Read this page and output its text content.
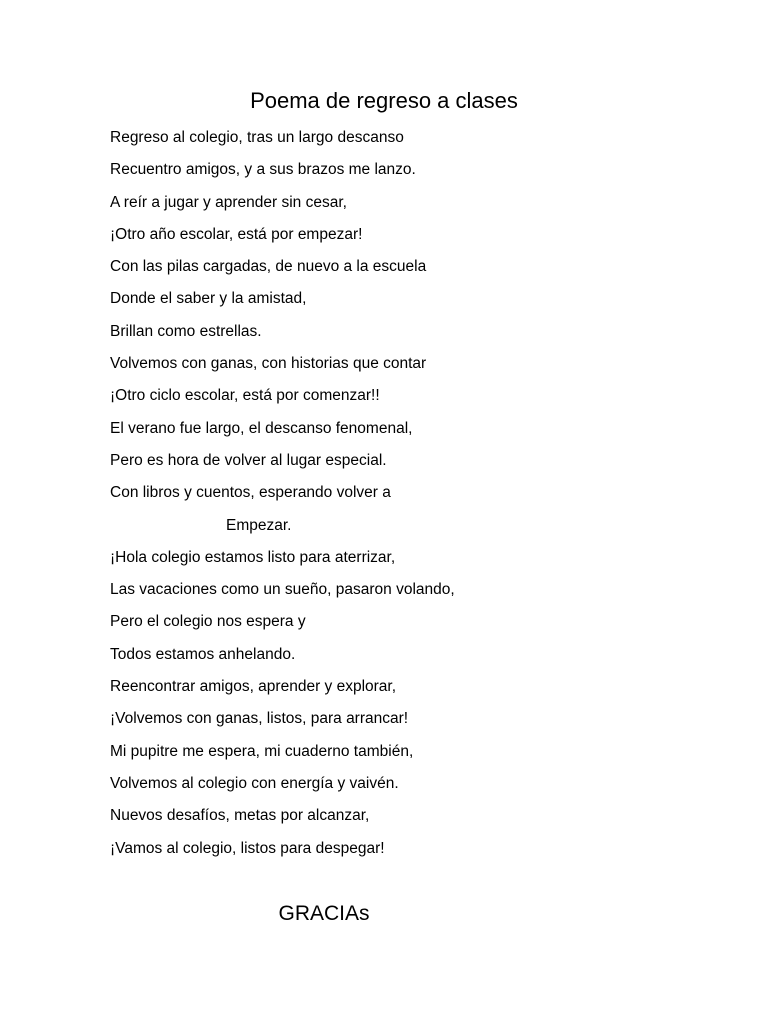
Poema de regreso a clases
Regreso al colegio, tras un largo descanso
Recuentro amigos, y a sus brazos me lanzo.
A reír a jugar y aprender sin cesar,
¡Otro año escolar, está por empezar!
Con las pilas cargadas, de nuevo a la escuela
Donde el saber y la amistad,
Brillan como estrellas.
Volvemos con ganas, con historias que contar
¡Otro ciclo escolar, está por comenzar!!
El verano fue largo, el descanso fenomenal,
Pero es hora de volver al lugar especial.
Con libros y cuentos, esperando volver a
Empezar.
¡Hola colegio estamos listo para aterrizar,
Las vacaciones como un sueño, pasaron volando,
Pero el colegio nos espera y
Todos estamos anhelando.
Reencontrar amigos, aprender y explorar,
¡Volvemos con ganas, listos, para arrancar!
Mi pupitre me espera, mi cuaderno también,
Volvemos al colegio con energía y vaivén.
Nuevos desafíos, metas por alcanzar,
¡Vamos al colegio, listos para despegar!
GRACIAs
